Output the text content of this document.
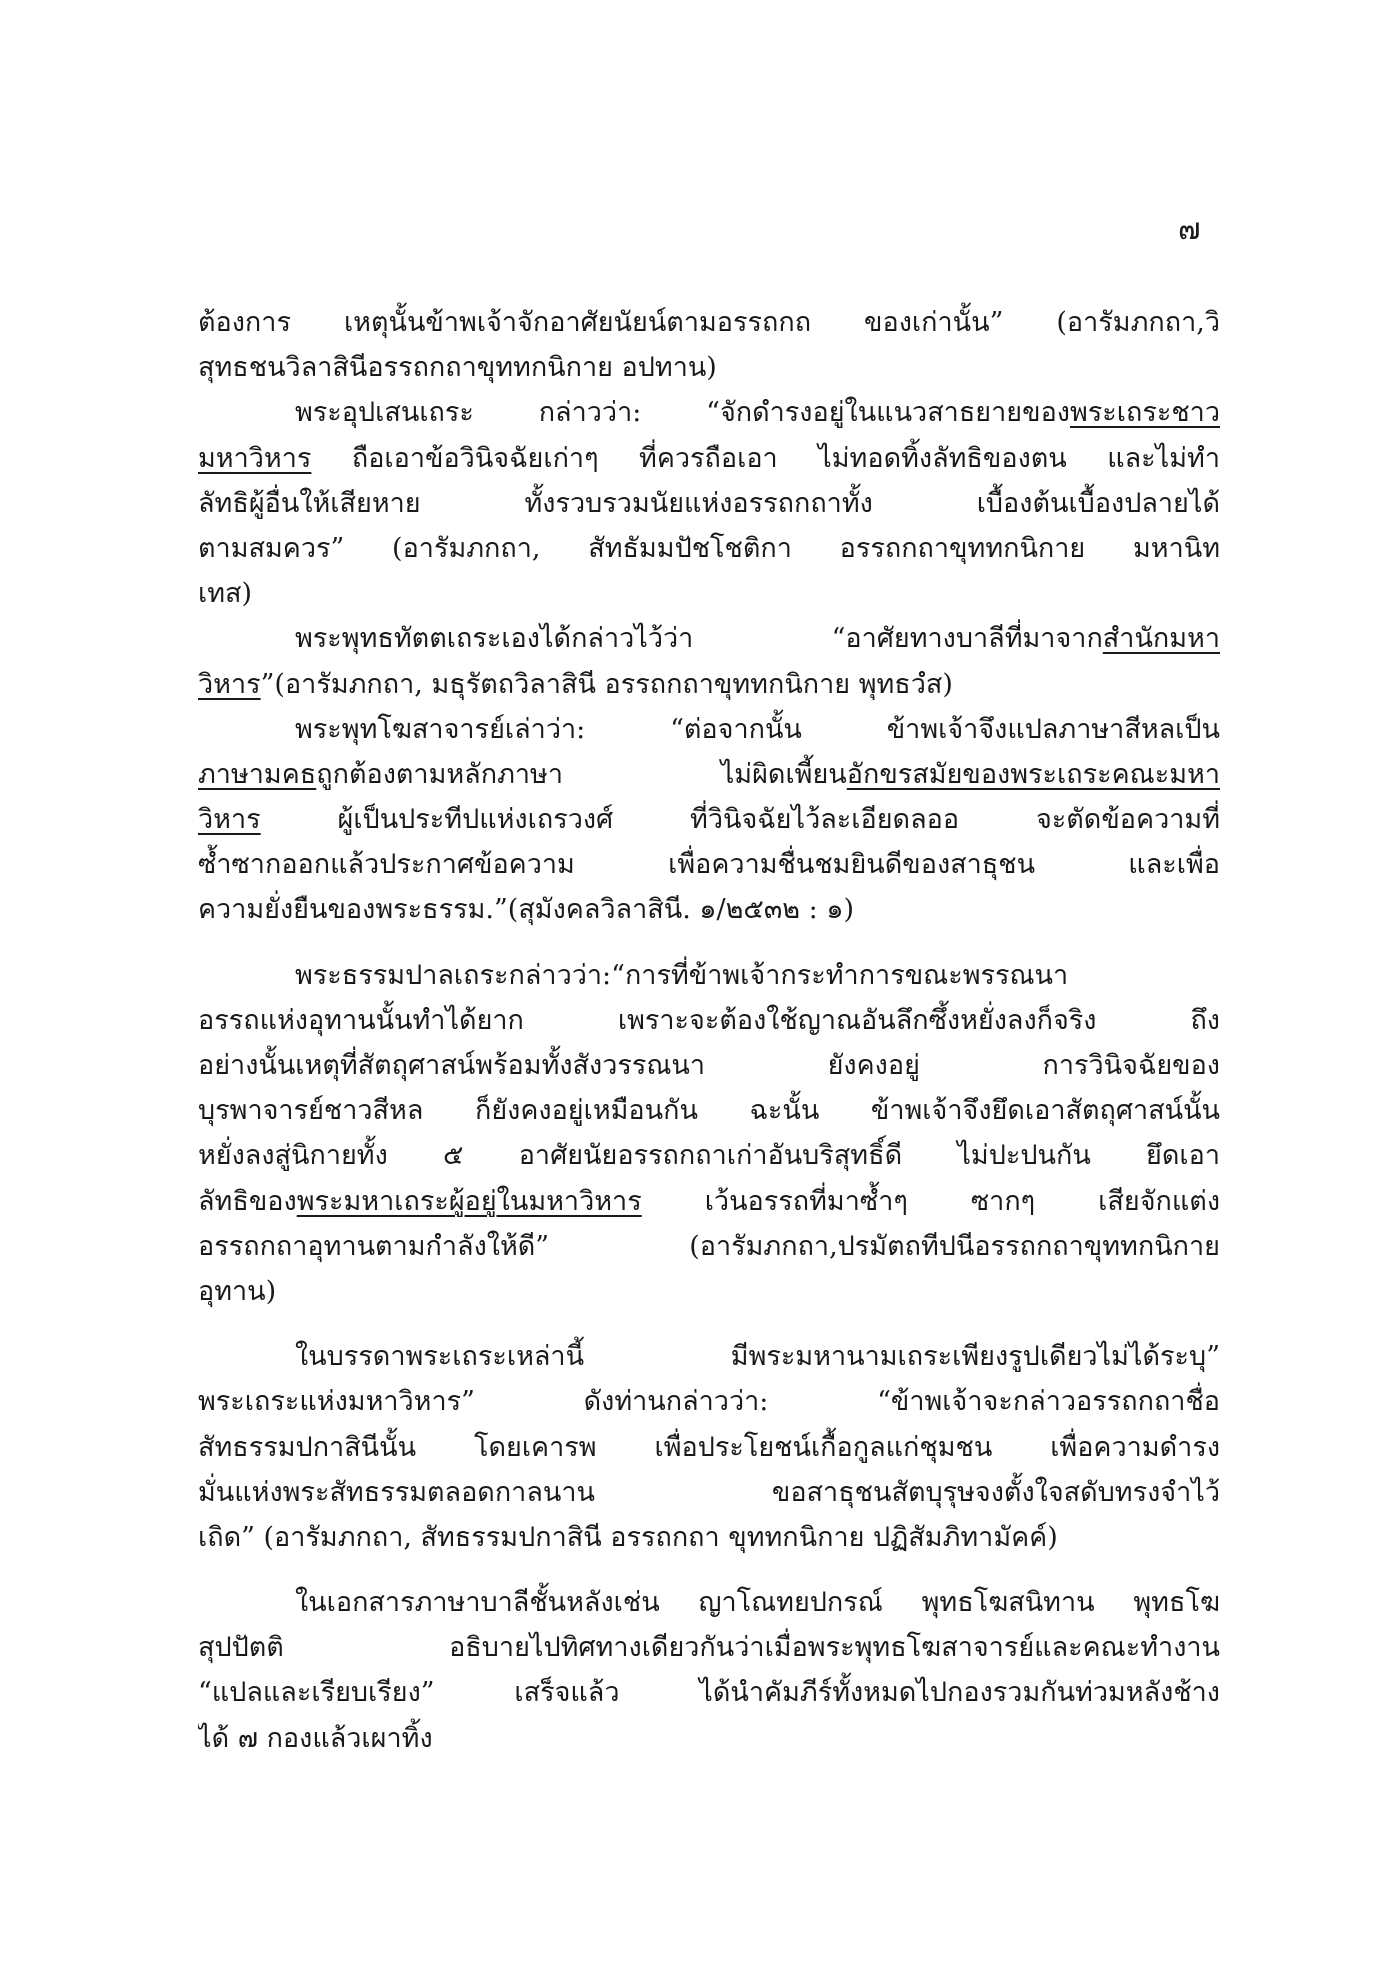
๗
ต้องการ เหตุนั้นข้าพเจ้าจักอาศัยนัยน์ตามอรรถกถ ของเก่านั้น” (อารัมภกถา,วิ
สุทธชนวิลาสินีอรรถกถาขุททกนิกาย อปทาน)
พระอุปเสนเถระ กล่าวว่า: “จักดำรงอยู่ในแนวสาธยายของพระเถระชาว
มหาวิหาร ถือเอาข้อวินิจฉัยเก่าๆ ที่ควรถือเอา ไม่ทอดทิ้งลัทธิของตน และไม่ทำ
ลัทธิผู้อื่นให้เสียหาย ทั้งรวบรวมนัยแห่งอรรถกถาทั้ง เบื้องต้นเบื้องปลายได้
ตามสมควร” (อารัมภกถา, สัทธัมมปัชโชติกา อรรถกถาขุททกนิกาย มหานิท
เทส)
พระพุทธทัตตเถระเองได้กล่าวไว้ว่า “อาศัยทางบาลีที่มาจากสำนักมหา
วิหาร”(อารัมภกถา, มธุรัตถวิลาสินี อรรถกถาขุททกนิกาย พุทธวํส)
พระพุทโฆสาจารย์เล่าว่า: “ต่อจากนั้น ข้าพเจ้าจึงแปลภาษาสีหลเป็น
ภาษามคธถูกต้องตามหลักภาษา ไม่ผิดเพี้ยนอักขรสมัยของพระเถระคณะมหา
วิหาร ผู้เป็นประทีปแห่งเถรวงศ์ ที่วินิจฉัยไว้ละเอียดลออ จะตัดข้อความที่
ซ้ำซากออกแล้วประกาศข้อความ เพื่อความชื่นชมยินดีของสาธุชน และเพื่อ
ความยั่งยืนของพระธรรม.”(สุมังคลวิลาสินี. ๑/๒๕๓๒ : ๑)
พระธรรมปาลเถระกล่าวว่า:“การที่ข้าพเจ้ากระทำการขณะพรรณนา
อรรถแห่งอุทานนั้นทำได้ยาก เพราะจะต้องใช้ญาณอันลึกซึ้งหยั่งลงก็จริง ถึง
อย่างนั้นเหตุที่สัตถุศาสน์พร้อมทั้งสังวรรณนา ยังคงอยู่ การวินิจฉัยของ
บุรพาจารย์ชาวสีหล ก็ยังคงอยู่เหมือนกัน ฉะนั้น ข้าพเจ้าจึงยึดเอาสัตถุศาสน์นั้น
หยั่งลงสู่นิกายทั้ง ๕ อาศัยนัยอรรถกถาเก่าอันบริสุทธิ์ดี ไม่ปะปนกัน ยึดเอา
ลัทธิของพระมหาเถระผู้อยู่ในมหาวิหาร เว้นอรรถที่มาซ้ำๆ ซากๆ เสียจักแต่ง
อรรถกถาอุทานตามกำลังให้ดี” (อารัมภกถา,ปรมัตถทีปนีอรรถกถาขุททกนิกาย
อุทาน)
ในบรรดาพระเถระเหล่านี้ มีพระมหานามเถระเพียงรูปเดียวไม่ได้ระบุ”
พระเถระแห่งมหาวิหาร” ดังท่านกล่าวว่า: “ข้าพเจ้าจะกล่าวอรรถกถาชื่อ
สัทธรรมปกาสินีนั้น โดยเคารพ เพื่อประโยชน์เกื้อกูลแก่ชุมชน เพื่อความดำรง
มั่นแห่งพระสัทธรรมตลอดกาลนาน ขอสาธุชนสัตบุรุษจงตั้งใจสดับทรงจำไว้
เถิด” (อารัมภกถา, สัทธรรมปกาสินี อรรถกถา ขุททกนิกาย ปฏิสัมภิทามัคค์)
ในเอกสารภาษาบาลีชั้นหลังเช่น ญาโณทยปกรณ์ พุทธโฆสนิทาน พุทธโฆ
สุปปัตติ อธิบายไปทิศทางเดียวกันว่าเมื่อพระพุทธโฆสาจารย์และคณะทำงาน
“แปลและเรียบเรียง” เสร็จแล้ว ได้นำคัมภีร์ทั้งหมดไปกองรวมกันท่วมหลังช้าง
ได้ ๗ กองแล้วเผาทิ้ง
